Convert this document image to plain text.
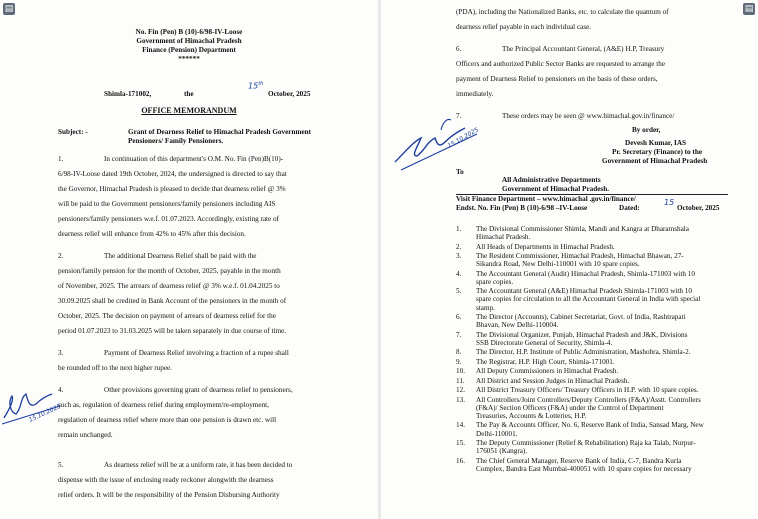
▤
No. Fin (Pen) B (10)-6/98-IV-Loose
Government of Himachal Pradesh
Finance (Pension) Department
******
Shimla-171002,	the
15th
October, 2025
OFFICE MEMORANDUM
Subject: -	Grant of Dearness Relief to Himachal Pradesh Government
Pensioners/ Family Pensioners.
1.	In continuation of this department's O.M. No. Fin (Pen)B(10)-
6/98-IV-Loose dated 19th October, 2024, the undersigned is directed to say that
the Governor, Himachal Pradesh is pleased to decide that dearness relief @ 3%
will be paid to the Government pensioners/family pensioners including AIS
pensioners/family pensioners w.e.f. 01.07.2023. Accordingly, existing rate of
dearness relief will enhance from 42% to 45% after this decision.
2.	The additional Dearness Relief shall be paid with the
pension/family pension for the month of October, 2025, payable in the month
of November, 2025. The arrears of dearness relief @ 3% w.e.f. 01.04.2025 to
30.09.2025 shall be credited in Bank Account of the pensioners in the month of
October, 2025. The decision on payment of arrears of dearness relief for the
period 01.07.2023 to 31.03.2025 will be taken separately in due course of time.
3.	Payment of Dearness Relief involving a fraction of a rupee shall
be rounded off to the next higher rupee.
4.	Other provisions governing grant of dearness relief to pensioners,
such as, regulation of dearness relief during employment/re-employment,
regulation of dearness relief where more than one pension is drawn etc. will
remain unchanged.
5.	As dearness relief will be at a uniform rate, it has been decided to
dispense with the issue of enclosing ready reckoner alongwith the dearness
relief orders. It will be the responsibility of the Pension Disbursing Authority
15.10.2025
▤
(PDA), including the Nationalized Banks, etc. to calculate the quantum of
dearness relief payable in each individual case.
6.	The Principal Accountant General, (A&E) H.P, Treasury
Officers and authorized Public Sector Banks are requested to arrange the
payment of Dearness Relief to pensioners on the basis of these orders,
immediately.
7.	These orders may be seen @ www.himachal.gov.in/finance/
By order,
Devesh Kumar, IAS
Pr. Secretary (Finance) to the
Government of Himachal Pradesh
15.10.2025
To
All Administrative Departments
Government of Himachal Pradesh.
Visit Finance Department – www.himachal .gov.in/finance/
Endst. No. Fin (Pen) B (10)-6/98 –IV-Loose	Dated:
15
October, 2025
1. The Divisional Commissioner Shimla, Mandi and Kangra at Dharamshala
Himachal Pradesh.
2. All Heads of Departments in Himachal Pradesh.
3. The Resident Commissioner, Himachal Pradesh, Himachal Bhawan, 27-
Sikandra Road, New Delhi-110001 with 10 spare copies.
4. The Accountant General (Audit) Himachal Pradesh, Shimla-171003 with 10
spare copies.
5. The Accountant General (A&E) Himachal Pradesh Shimla-171003 with 10
spare copies for circulation to all the Accountant General in India with special
stamp.
6. The Director (Accounts), Cabinet Secretariat, Govt. of India, Rashtrapati
Bhavan, New Delhi-110004.
7. The Divisional Organizer, Punjab, Himachal Pradesh and J&K, Divisions
SSB Directorate General of Security, Shimla-4.
8. The Director, H.P. Institute of Public Administration, Mashobra, Shimla-2.
9. The Registrar, H.P. High Court, Shimla-171001.
10. All Deputy Commissioners in Himachal Pradesh.
11. All District and Session Judges in Himachal Pradesh.
12. All District Treasury Officers/ Treasury Officers in H.P. with 10 spare copies.
13. All Controllers/Joint Controllers/Deputy Controllers (F&A)/Asstt. Controllers
(F&A)/ Section Officers (F&A) under the Control of Department
Treasuries, Accounts & Lotteries, H.P.
14. The Pay & Accounts Officer, No. 6, Reserve Bank of India, Sansad Marg, New
Delhi-110001.
15. The Deputy Commissioner (Relief & Rehabilitation) Raja ka Talab, Nurpur-
176051 (Kangra).
16. The Chief General Manager, Reserve Bank of India, C-7, Bandra Kurla
Complex, Bandra East Mumbai-400051 with 10 spare copies for necessary
